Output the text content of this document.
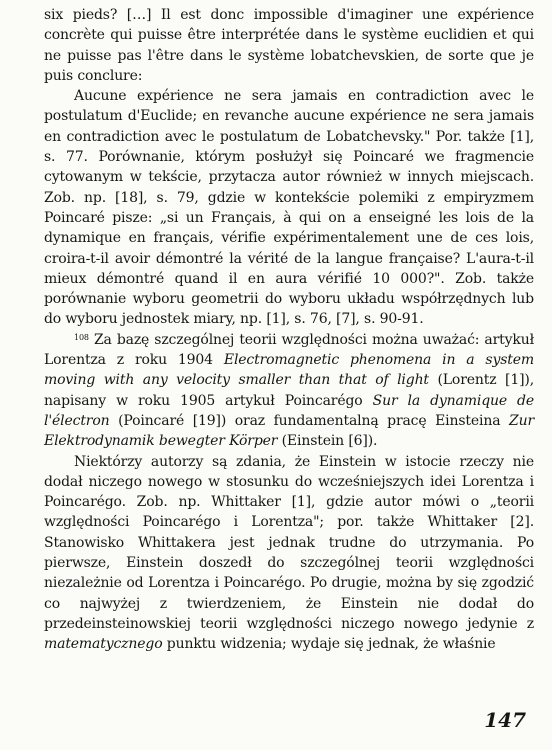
six pieds? […] Il est donc impossible d'imaginer une expérience concrète qui puisse être interprétée dans le système euclidien et qui ne puisse pas l'être dans le système lobatchevskien, de sorte que je puis conclure:

Aucune expérience ne sera jamais en contradiction avec le postulatum d'Euclide; en revanche aucune expérience ne sera jamais en contradiction avec le postulatum de Lobatchevsky." Por. także [1], s. 77. Porównanie, którym posłużył się Poincaré we fragmencie cytowanym w tekście, przytacza autor również w innych miejscach. Zob. np. [18], s. 79, gdzie w kontekście polemiki z empiryzmem Poincaré pisze: „si un Français, à qui on a enseigné les lois de la dynamique en français, vérifie expérimentalement une de ces lois, croira-t-il avoir démontré la vérité de la langue française? L'aura-t-il mieux démontré quand il en aura vérifié 10 000?". Zob. także porównanie wyboru geometrii do wyboru układu współrzędnych lub do wyboru jednostek miary, np. [1], s. 76, [7], s. 90-91.

$^{108}$ Za bazę szczególnej teorii względności można uważać: artykuł Lorentza z roku 1904 Electromagnetic phenomena in a system moving with any velocity smaller than that of light (Lorentz [1]), napisany w roku 1905 artykuł Poincarégo Sur la dynamique de l'électron (Poincaré [19]) oraz fundamentalną pracę Einsteina Zur Elektrodynamik bewegter Körper (Einstein [6]).

Niektórzy autorzy są zdania, że Einstein w istocie rzeczy nie dodał niczego nowego w stosunku do wcześniejszych idei Lorentza i Poincarégo. Zob. np. Whittaker [1], gdzie autor mówi o „teorii względności Poincarégo i Lorentza"; por. także Whittaker [2]. Stanowisko Whittakera jest jednak trudne do utrzymania. Po pierwsze, Einstein doszedł do szczególnej teorii względności niezależnie od Lorentza i Poincarégo. Po drugie, można by się zgodzić co najwyżej z twierdzeniem, że Einstein nie dodał do przedeinsteinowskiej teorii względności niczego nowego jedynie z matematycznego punktu widzenia; wydaje się jednak, że właśnie

147
